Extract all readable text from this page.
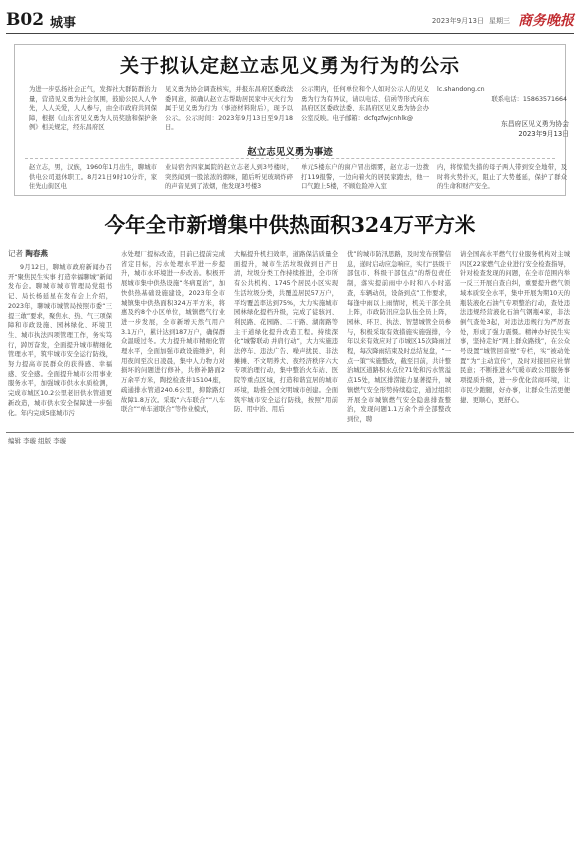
B02 城事	2023年9月13日 星期三 商务晚报
关于拟认定赵立志见义勇为行为的公示
为进一步弘扬社会正气，发挥社大群防群治力量，营造见义勇为社会氛围，鼓励公民人人争先，人人关爱，人人参与，由全市政府共同保障，根据《山东省见义勇为人员奖励和保护条例》相关规定，经东昌府区
见义勇为协会调查核实，并报东昌府区委政法委同意，拟确认赵立志帮助居民家中灭火行为属于见义勇为行为（事迹材料附后），现予以公示。公示时间：2023年9月13日至9月18日。
公示期内，任何单位和个人如对公示人的见义勇为行为有异议，请以电话、信函等形式向东昌府区区委政法委、东昌府区见义勇为协会办公室反映。电子邮箱：dcfqzfwjcnhlk@
lc.shandong.cn
联系电话：15863571664
东昌府区见义勇为协会
2023年9月13日
赵立志见义勇为事迹
赵立志，男，汉族，1960年1月出生，聊城市供电公司退休职工。8月21日9时10分许，家住先山街区电
业局宿舍四家属院的赵立志老人到3号楼时，突然闻到一股浓浓的烟味，随后听见玻璃炸碎的声音见到了浓烟，他发现3号楼3
单元5楼东户的窗户冒出烟雾，赵立志一边拨打119报警，一边向着火的居民家跑去，他一口气跑上5楼，不顾危险冲入室
内，将惊慌失措的母子两人带到安全地带，及时将火势扑灭，阻止了大势蔓延，保护了群众的生命和财产安全。
今年全市新增集中供热面积324万平方米
记者 陶春燕

9月12日，聊城市政府新闻办召开“聚焦民生实事 打造幸福聊城”新闻发布会。聊城市城市管理局党组书记、局长杨延星在发布会上介绍，2023年，聊城市城管局按照市委“三提三敢”要求，聚焦水、热、气三项保障和市政设施、园林绿化、环境卫生、城市执法四项管理工作，务实笃行，踔厉奋发，全面提升城市精细化管理水平，筑牢城市安全运行防线，努力提高市民群众的获得感、幸福感、安全感。全面提升城市公用事业服务水平，加强城市供水水质检测，完成市城区10.2公里老旧供水管道更新改造，城市供水安全保障进一步强化。年内完成5座城市污

水处理厂提标改造，目前已提前完成省定目标，污水处理水平进一步提升，城市水环境进一步改善。积极开展城市集中供热设施“冬病夏治”，加快供热基础设施建设，2023年全市城镇集中供热面积324万平方米，将惠及约8个小区单位，城镇燃气行业进一步发展，全市新增天然气用户3.1万户，累计达到187万户，确保群众温暖过冬。大力提升城市精细化管理水平，全面加强市政设施维护，利用夜间至次日凌晨，集中人力物力对损坏的问题进行修补，共修补路面2万余平方米，陶挖检查井15104座，疏通排水管道240.6公里，抑除路灯故障1.8万次。采取“六车联合”“八车联合”“单车道联合”等作业模式，

大幅提升机扫效率，道路保洁质量全面提升，城市生活垃圾做到日产日清，垃圾分类工作持续推进，全市所有公共机构、1745个居民小区实现生活垃圾分类，共覆盖居民57万户，平均覆盖率达到75%，大力实施城市园林绿化提档升级，完成了徒骇河、利民路、花园路、二干路、湖南路等主干道绿化提升改造工程。持续深化“城警联动 并肩行动”，大力实施违法停车、违法广告、噪声扰民、非法摊摊、不文明养犬、夜经济秩序六大专项治理行动，集中整治火车站、医院等重点区域，打造和谐宜居的城市环境，助推全国文明城市创建。全面筑牢城市安全运行防线，按照“用前防、用中治、用后

优”的城市防汛思路，及时发布预警信息，递时启动应急响应，实行“县级干部包市、科级干部包点”的帮包责任制，落实提前雨中小时和八小时巡查，车辆动员，设备到点”工作要求，每逢中雨以上雨情时，机关干部全员上阵，市政防汛应急队伍全员上阵，园林、环卫、执法、智慧城管全员参与，积极采取有效措施实施强排，今年以来有效应对了市城区15次降雨过程，每次降雨结束及时总结复盘，“一点一策”实施整改，截至目前，共计整治城区道路积水点位71处和污水管溢点15处，城区排涝能力显著提升，城镇燃气安全形势持续稳定，通过组织开展全市城镇燃气安全隐患排查整治，发现问题1.1万余个并全部整改到位，聘

请全国高水平燃气行业服务机构对主城四区22家燃气企业进行安全检查指导，针对检查发现的问题，在全市范围内举一反三开展自查自纠，重要提升燃气领域本质安全水平，集中开展为期10天的瓶装液化石油气专项整治行动，查处违法违规经营液化石油气钢瓶4家，非法倒气查处3起，对违法违规行为严厉查处，形成了强力震慑。精神办好民生实事，坚持走好“网上群众路线”，在公众号设置“城管回音壁”专栏，实“被动处置”为“主动宣传”，及时对接回应社情民意；不断推进水气暖市政公用服务事项提质升级，进一步优化营商环境，让市民少跑腿，好办事，让群众生活更便捷、更顺心，更舒心。

编辑 李璇 组版 李璇
